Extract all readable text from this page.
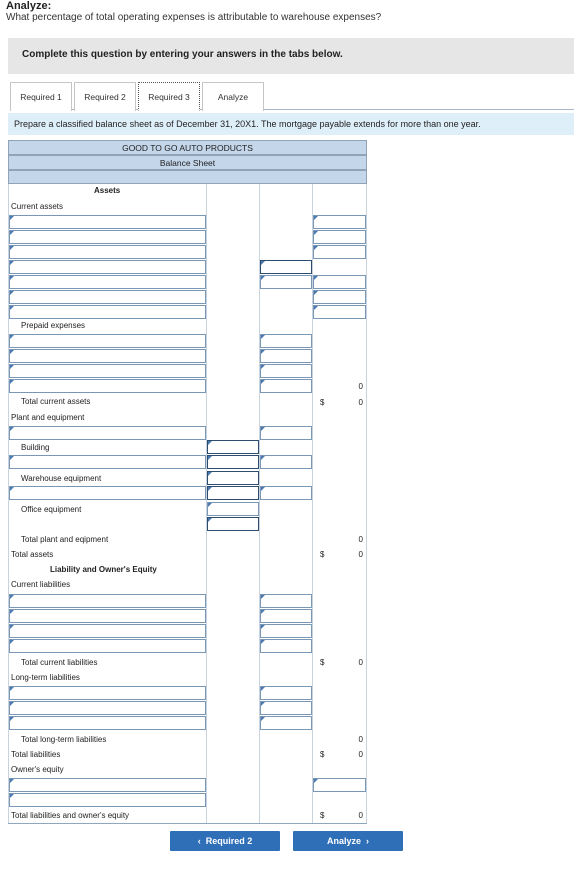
Analyze:
What percentage of total operating expenses is attributable to warehouse expenses?
Complete this question by entering your answers in the tabs below.
Required 1	Required 2	Required 3	Analyze
Prepare a classified balance sheet as of December 31, 20X1. The mortgage payable extends for more than one year.
GOOD TO GO AUTO PRODUCTS
Balance Sheet
Assets
Current assets
Prepaid expenses
0
Total current assets	$	0
Plant and equipment
Building
Warehouse equipment
Office equipment
Total plant and eqipment	0
Total assets	$	0
Liability and Owner's Equity
Current liabilities
Total current liabilities	$	0
Long-term liabilities
Total long-term liabilities	0
Total liabilities	$	0
Owner's equity
Total liabilities and owner's equity	$	0
‹  Required 2	Analyze  ›
